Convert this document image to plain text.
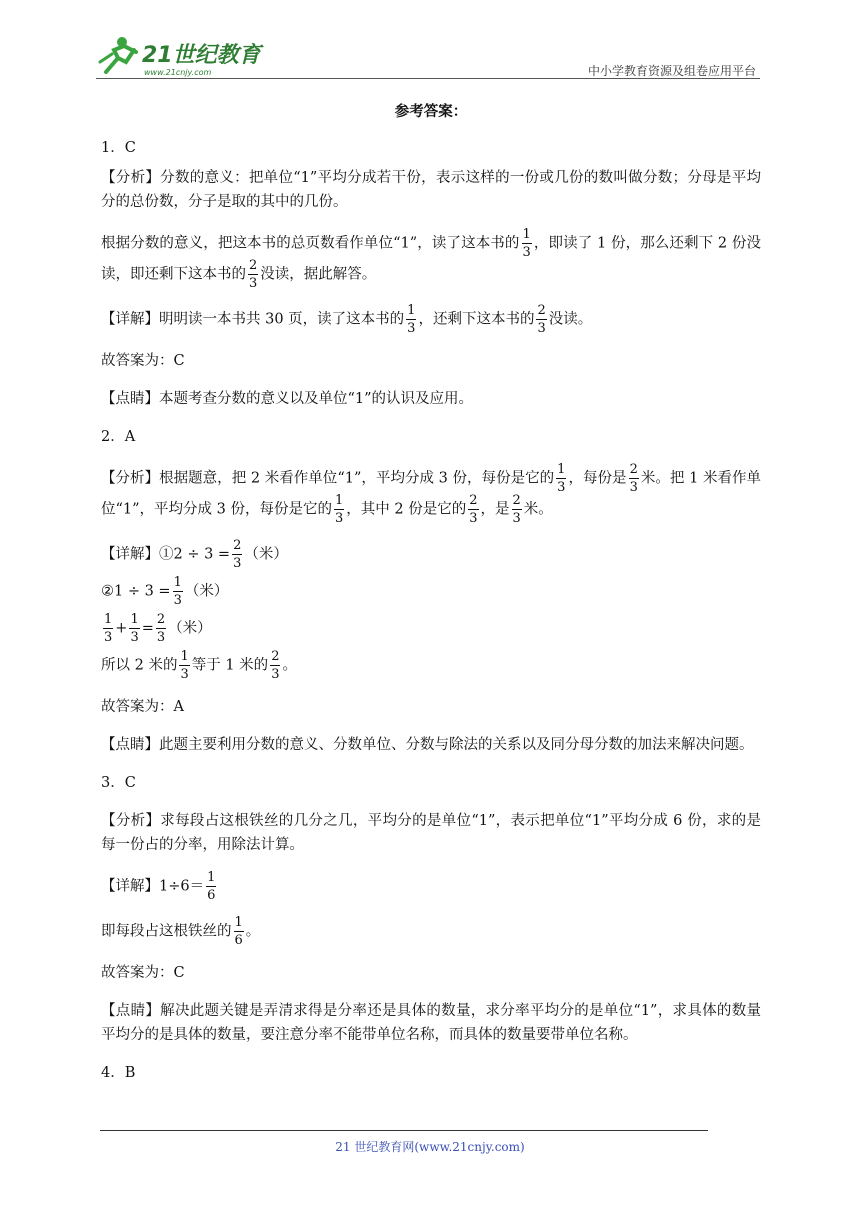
21世纪教育
www.21cnjy.com	中小学教育资源及组卷应用平台
参考答案：
1．C
【分析】分数的意义：把单位“1”平均分成若干份，表示这样的一份或几份的数叫做分数；分母是平均分的总份数，分子是取的其中的几份。
根据分数的意义，把这本书的总页数看作单位“1”，读了这本书的 $\frac{1}{3}$ ，即读了 1 份，那么还剩下 2 份没读，即还剩下这本书的 $\frac{2}{3}$ 没读，据此解答。
【详解】明明读一本书共 30 页，读了这本书的 $\frac{1}{3}$ ，还剩下这本书的 $\frac{2}{3}$ 没读。
故答案为：C
【点睛】本题考查分数的意义以及单位“1”的认识及应用。
2．A
【分析】根据题意，把 2 米看作单位“1”，平均分成 3 份，每份是它的 $\frac{1}{3}$ ，每份是 $\frac{2}{3}$ 米。把 1 米看作单位“1”，平均分成 3 份，每份是它的 $\frac{1}{3}$ ，其中 2 份是它的 $\frac{2}{3}$ ，是 $\frac{2}{3}$ 米。
【详解】①2 ÷ $3 = \frac{2}{3}$ （米）
②1 ÷ $3 = \frac{1}{3}$ （米）
$\frac{1}{3} + \frac{1}{3} = \frac{2}{3}$ （米）
所以 2 米的 $\frac{1}{3}$ 等于 1 米的 $\frac{2}{3}$ 。
故答案为：A
【点睛】此题主要利用分数的意义、分数单位、分数与除法的关系以及同分母分数的加法来解决问题。
3．C
【分析】求每段占这根铁丝的几分之几，平均分的是单位“1”，表示把单位“1”平均分成 6 份，求的是每一份占的分率，用除法计算。
【详解】$1\div 6= \frac{1}{6}$
即每段占这根铁丝的 $\frac{1}{6}$ 。
故答案为：C
【点睛】解决此题关键是弄清求得是分率还是具体的数量，求分率平均分的是单位“1”，求具体的数量平均分的是具体的数量，要注意分率不能带单位名称，而具体的数量要带单位名称。
4．B
21 世纪教育网(www.21cnjy.com)
